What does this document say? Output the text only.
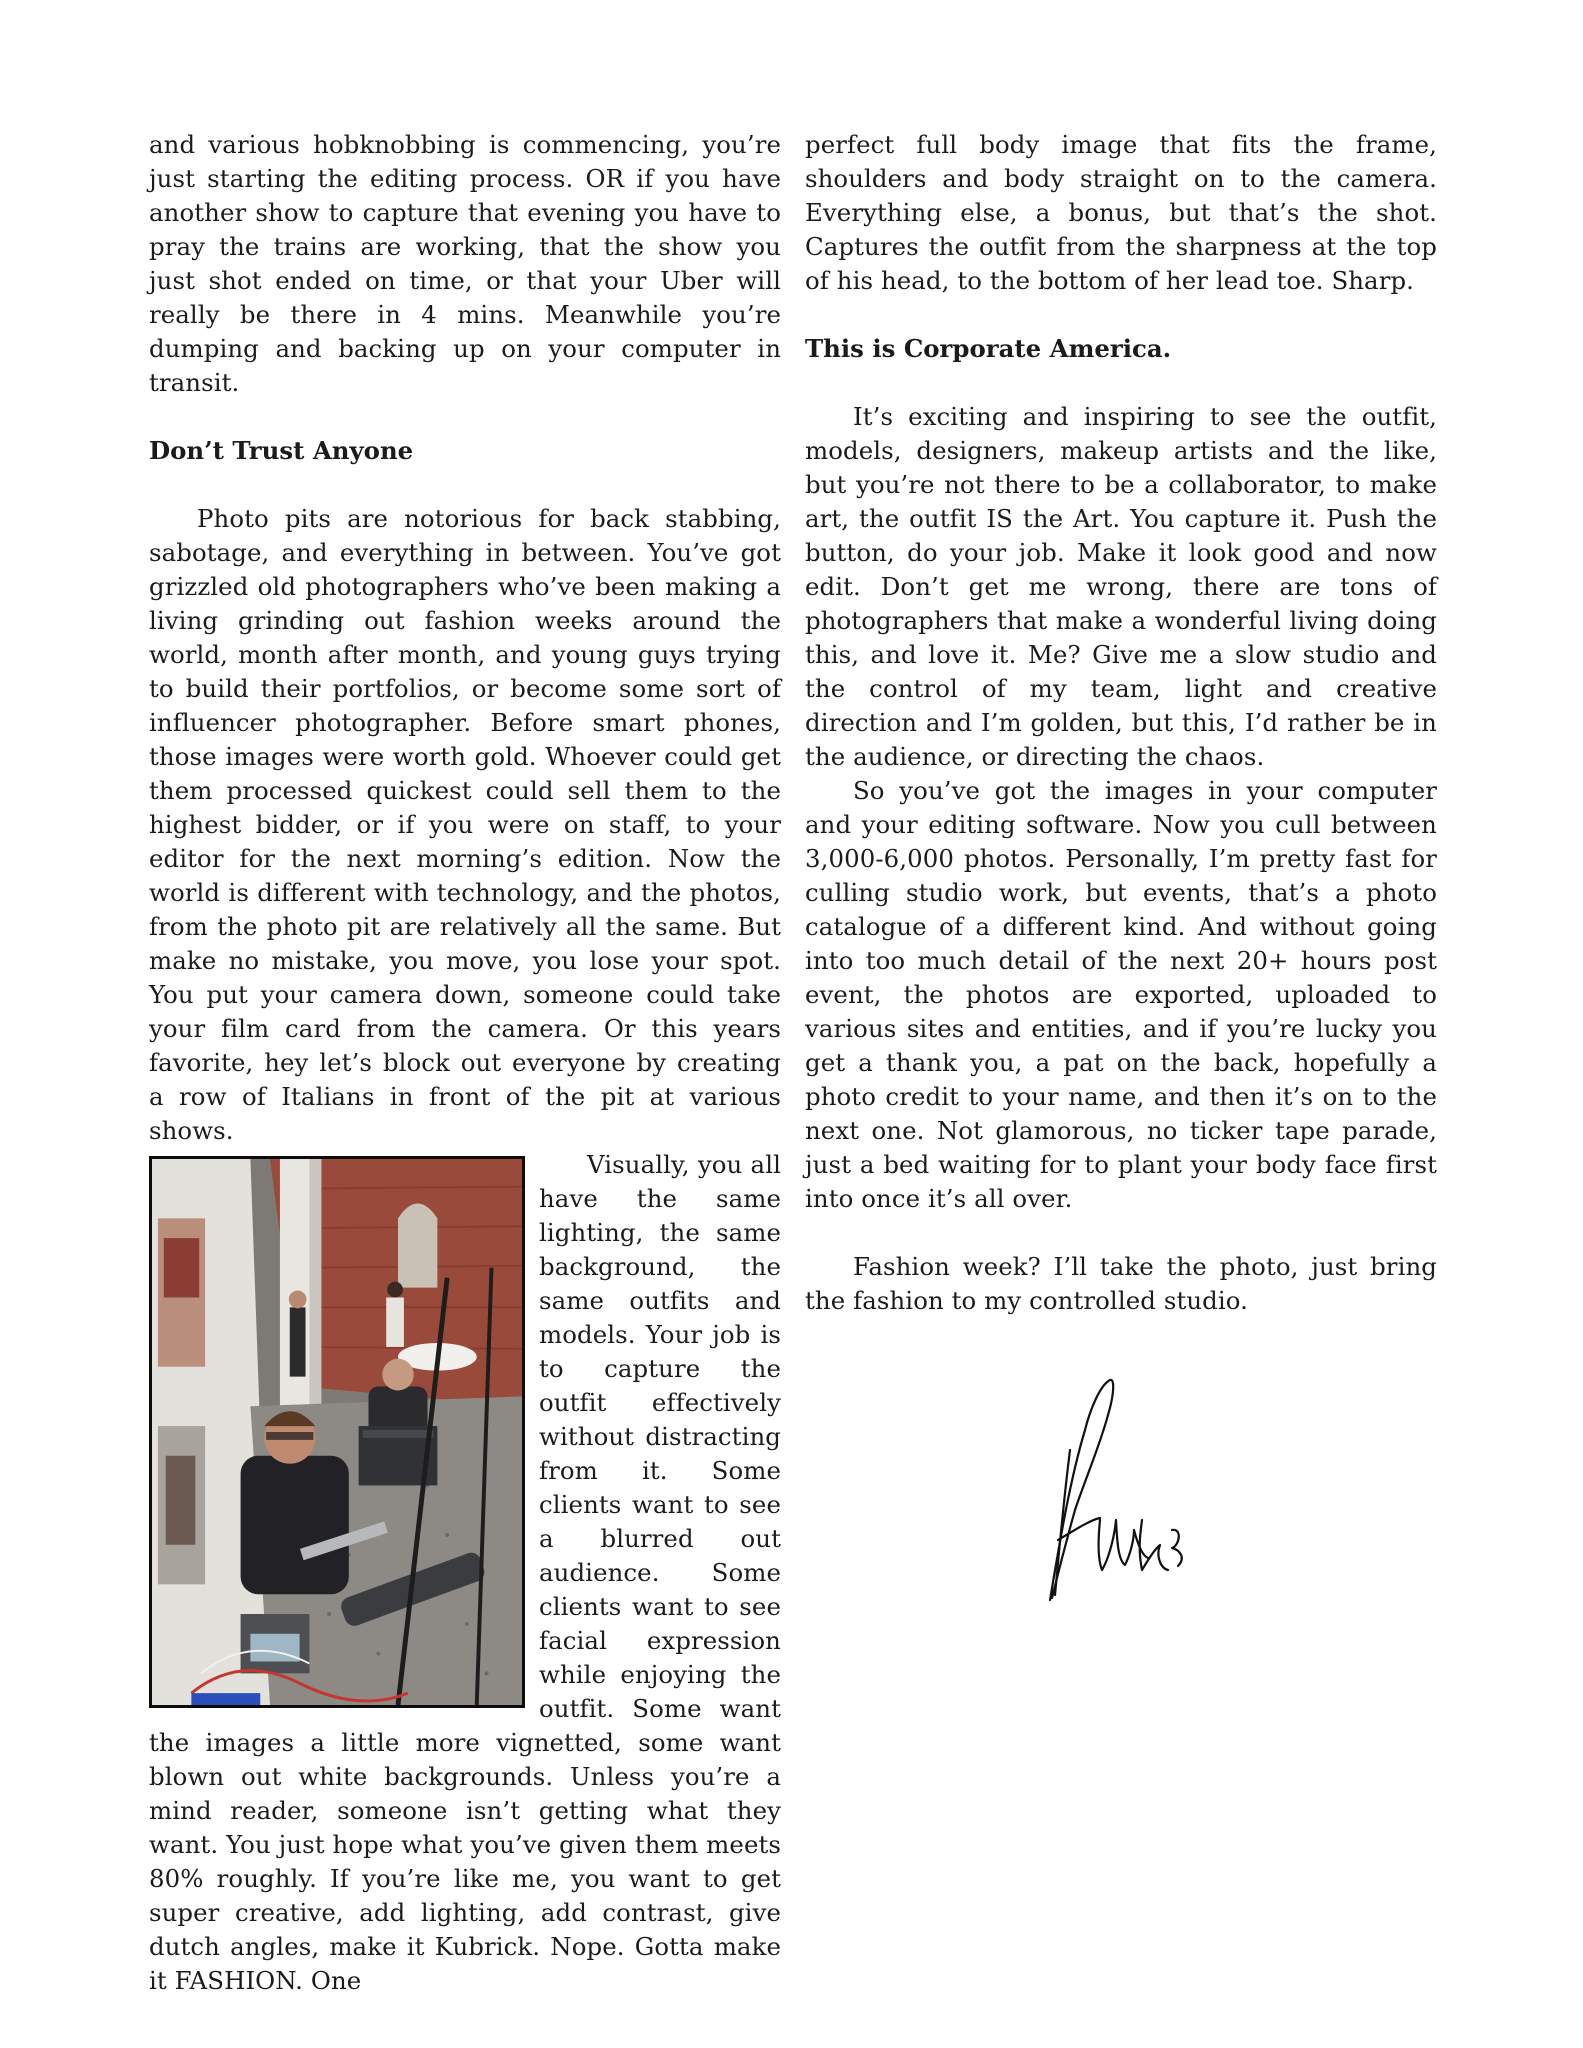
and various hobknobbing is commencing, you’re just starting the editing process. OR if you have another show to capture that evening you have to pray the trains are working, that the show you just shot ended on time, or that your Uber will really be there in 4 mins. Meanwhile you’re dumping and backing up on your computer in transit.

Don’t Trust Anyone

Photo pits are notorious for back stabbing, sabotage, and everything in between. You’ve got grizzled old photographers who’ve been making a living grinding out fashion weeks around the world, month after month, and young guys trying to build their portfolios, or become some sort of influencer photographer. Before smart phones, those images were worth gold. Whoever could get them processed quickest could sell them to the highest bidder, or if you were on staff, to your editor for the next morning’s edition. Now the world is different with technology, and the photos, from the photo pit are relatively all the same. But make no mistake, you move, you lose your spot. You put your camera down, someone could take your film card from the camera. Or this years favorite, hey let’s block out everyone by creating a row of Italians in front of the pit at various shows.

Visually, you all have the same lighting, the same background, the same outfits and models. Your job is to capture the outfit effectively without distracting from it. Some clients want to see a blurred out audience. Some clients want to see facial expression while enjoying the outfit. Some want the images a little more vignetted, some want blown out white backgrounds. Unless you’re a mind reader, someone isn’t getting what they want. You just hope what you’ve given them meets 80% roughly. If you’re like me, you want to get super creative, add lighting, add contrast, give dutch angles, make it Kubrick. Nope. Gotta make it FASHION. One

perfect full body image that fits the frame, shoulders and body straight on to the camera. Everything else, a bonus, but that’s the shot. Captures the outfit from the sharpness at the top of his head, to the bottom of her lead toe. Sharp.

This is Corporate America.

It’s exciting and inspiring to see the outfit, models, designers, makeup artists and the like, but you’re not there to be a collaborator, to make art, the outfit IS the Art. You capture it. Push the button, do your job. Make it look good and now edit. Don’t get me wrong, there are tons of photographers that make a wonderful living doing this, and love it. Me? Give me a slow studio and the control of my team, light and creative direction and I’m golden, but this, I’d rather be in the audience, or directing the chaos.

So you’ve got the images in your computer and your editing software. Now you cull between 3,000-6,000 photos. Personally, I’m pretty fast for culling studio work, but events, that’s a photo catalogue of a different kind. And without going into too much detail of the next 20+ hours post event, the photos are exported, uploaded to various sites and entities, and if you’re lucky you get a thank you, a pat on the back, hopefully a photo credit to your name, and then it’s on to the next one. Not glamorous, no ticker tape parade, just a bed waiting for to plant your body face first into once it’s all over.

Fashion week? I’ll take the photo, just bring the fashion to my controlled studio.
